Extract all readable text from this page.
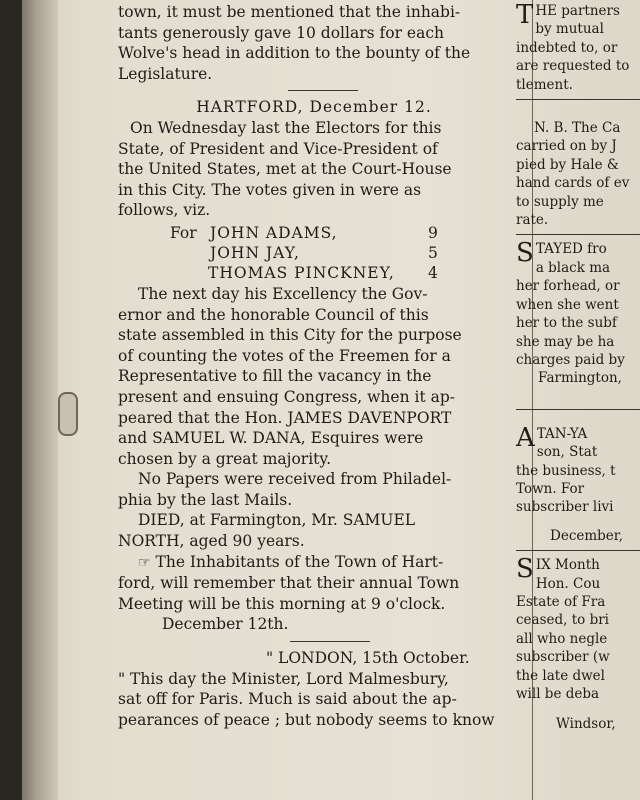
town, it must be mentioned that the inhabi-
tants generously gave 10 dollars for each
Wolve's head in addition to the bounty of the
Legislature.
HARTFORD, December 12.
On Wednesday last the Electors for this
State, of President and Vice-President of
the United States, met at the Court-House
in this City. The votes given in were as
follows, viz.
For JOHN ADAMS,	9
JOHN JAY,	5
THOMAS PINCKNEY, 4
The next day his Excellency the Gov-
ernor and the honorable Council of this
state assembled in this City for the purpose
of counting the votes of the Freemen for a
Representative to fill the vacancy in the
present and ensuing Congress, when it ap-
peared that the Hon. JAMES DAVENPORT
and SAMUEL W. DANA, Esquires were
chosen by a great majority.
No Papers were received from Philadel-
phia by the last Mails.
DIED, at Farmington, Mr. SAMUEL
NORTH, aged 90 years.
☞ The Inhabitants of the Town of Hart-
ford, will remember that their annual Town
Meeting will be this morning at 9 o'clock.
December 12th.
" LONDON, 15th October.
" This day the Minister, Lord Malmesbury,
sat off for Paris. Much is said about the ap-
pearances of peace ; but nobody seems to know
T HE partners
by mutual
indebted to, or
are requested to
tlement.
N. B. The Ca
carried on by J
pied by Hale &
hand cards of ev
to supply me
rate.
S TAYED fro
a black ma
her forhead, or
when she went
her to the subf
she may be ha
charges paid by
Farmington,
A TAN-YA
son, Stat
the business, t
Town. For
subscriber livi
December,
S IX Month
Hon. Cou
Estate of Fra
ceased, to bri
all who negle
subscriber (w
the late dwel
will be deba
Windsor,
